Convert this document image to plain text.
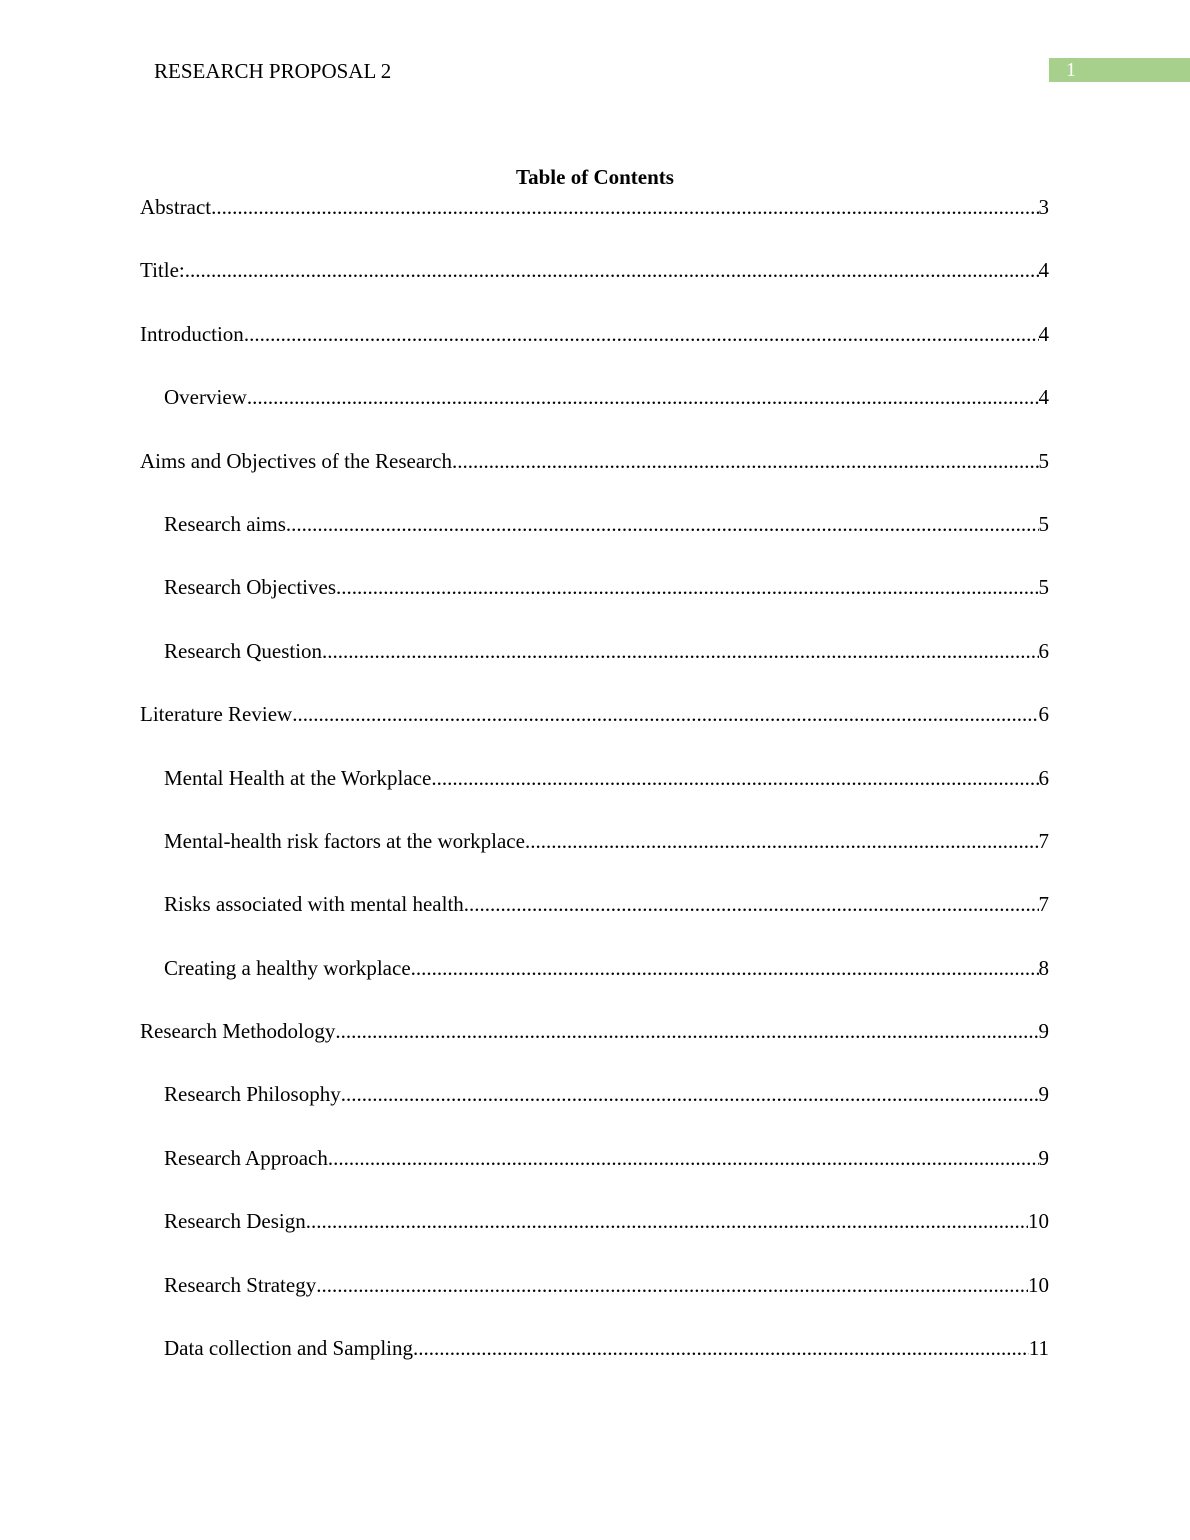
RESEARCH PROPOSAL 2	1
Table of Contents
Abstract .....	3
Title: .....	4
Introduction .....	4
Overview .....	4
Aims and Objectives of the Research .....	5
Research aims .....	5
Research Objectives .....	5
Research Question .....	6
Literature Review .....	6
Mental Health at the Workplace .....	6
Mental-health risk factors at the workplace .....	7
Risks associated with mental health .....	7
Creating a healthy workplace .....	8
Research Methodology .....	9
Research Philosophy .....	9
Research Approach .....	9
Research Design .....	10
Research Strategy .....	10
Data collection and Sampling .....	11
